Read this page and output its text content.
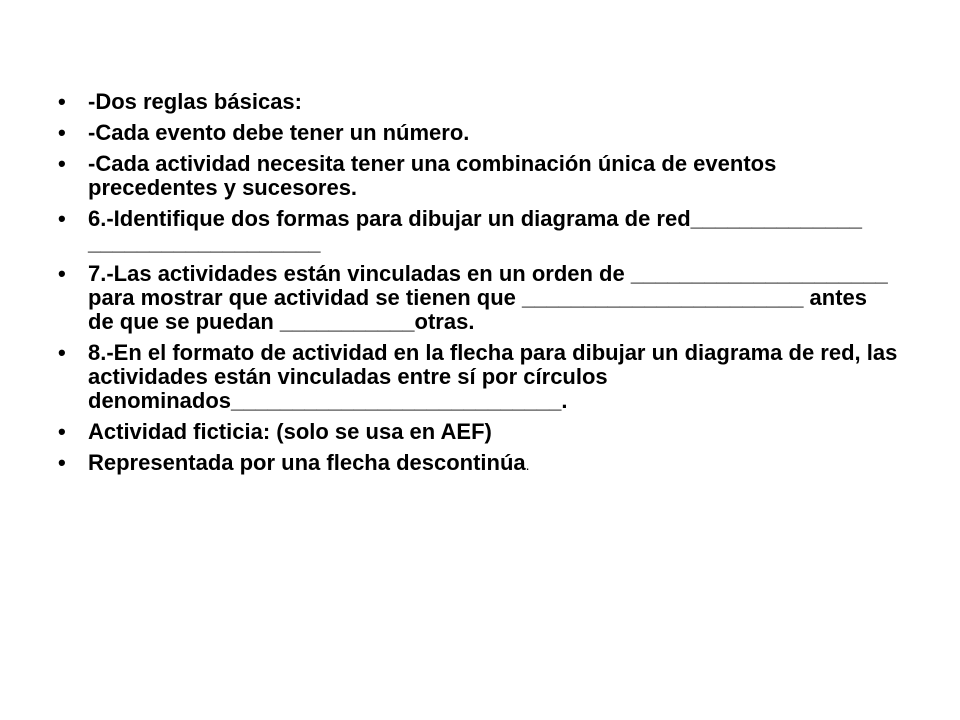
• -Dos reglas básicas:
• -Cada evento debe tener un número.
• -Cada actividad necesita tener una combinación única de eventos precedentes y sucesores.
• 6.-Identifique dos formas para dibujar un diagrama de red______________ ___________________
• 7.-Las actividades están vinculadas en un orden de _____________________ para mostrar que actividad se tienen que _______________________ antes de que se puedan ___________otras.
• 8.-En el formato de actividad en la flecha para dibujar un diagrama de red, las actividades están vinculadas entre sí por círculos denominados___________________________.
• Actividad ficticia: (solo se usa en AEF)
• Representada por una flecha descontinúa.
